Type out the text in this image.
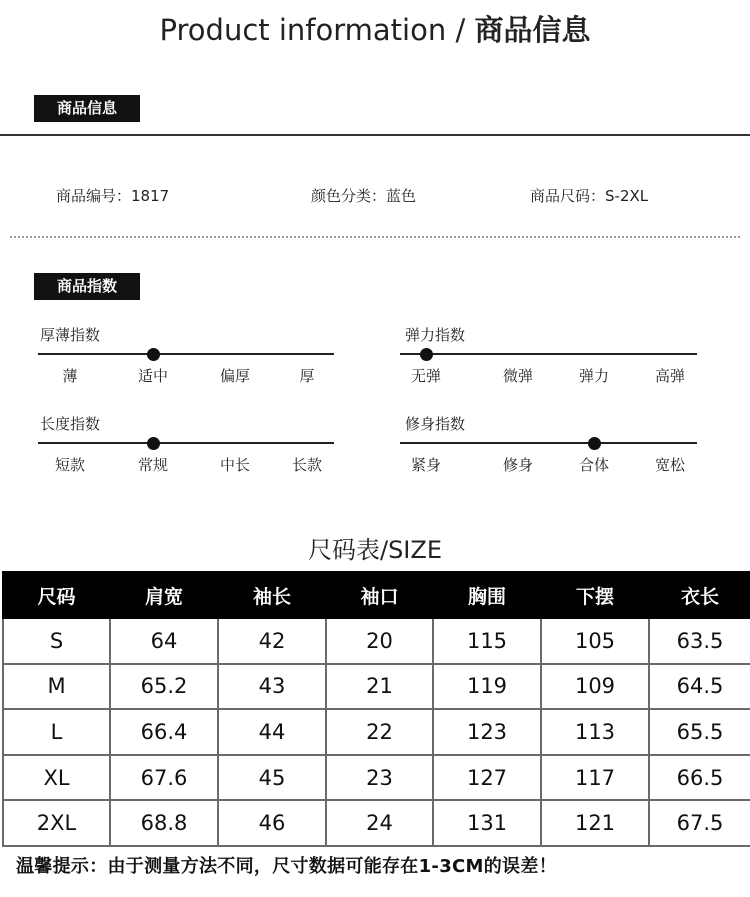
Product information / 商品信息
商品信息
商品编号：1817	颜色分类：蓝色	商品尺码：S-2XL
商品指数
厚薄指数
薄	适中	偏厚	厚
弹力指数
无弹	微弹	弹力	高弹
长度指数
短款	常规	中长	长款
修身指数
紧身	修身	合体	宽松
尺码表/SIZE
尺码	肩宽	袖长	袖口	胸围	下摆	衣长
S	64	42	20	115	105	63.5
M	65.2	43	21	119	109	64.5
L	66.4	44	22	123	113	65.5
XL	67.6	45	23	127	117	66.5
2XL	68.8	46	24	131	121	67.5
温馨提示：由于测量方法不同，尺寸数据可能存在1-3CM的误差！
